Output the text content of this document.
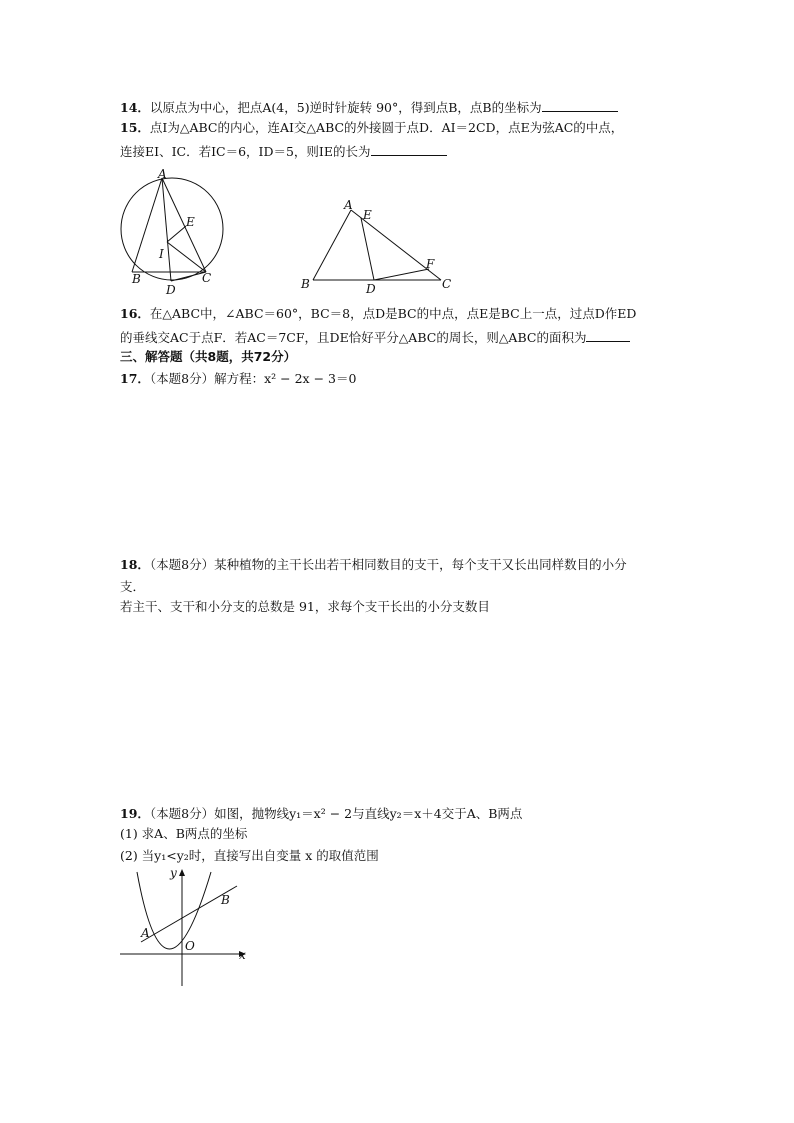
14．以原点为中心，把点A(4，5)逆时针旋转 90°，得到点B，点B的坐标为
15．点I为△ABC的内心，连AI交△ABC的外接圆于点D．AI＝2CD，点E为弦AC的中点，
连接EI、IC．若IC＝6，ID＝5，则IE的长为
A
E
I
B	C
D
A
E
F
B	D	C
16．在△ABC中，∠ABC＝60°，BC＝8，点D是BC的中点，点E是BC上一点，过点D作ED
的垂线交AC于点F．若AC＝7CF，且DE恰好平分△ABC的周长，则△ABC的面积为
三、解答题（共8题，共72分）
17．（本题8分）解方程：x² − 2x − 3＝0
18．（本题8分）某种植物的主干长出若干相同数目的支干，每个支干又长出同样数目的小分
支．
若主干、支干和小分支的总数是 91，求每个支干长出的小分支数目
19．（本题8分）如图，抛物线y₁＝x² − 2与直线y₂＝x＋4交于A、B两点
(1) 求A、B两点的坐标
(2) 当y₁<y₂时，直接写出自变量 x 的取值范围
y
x
O
A
B
